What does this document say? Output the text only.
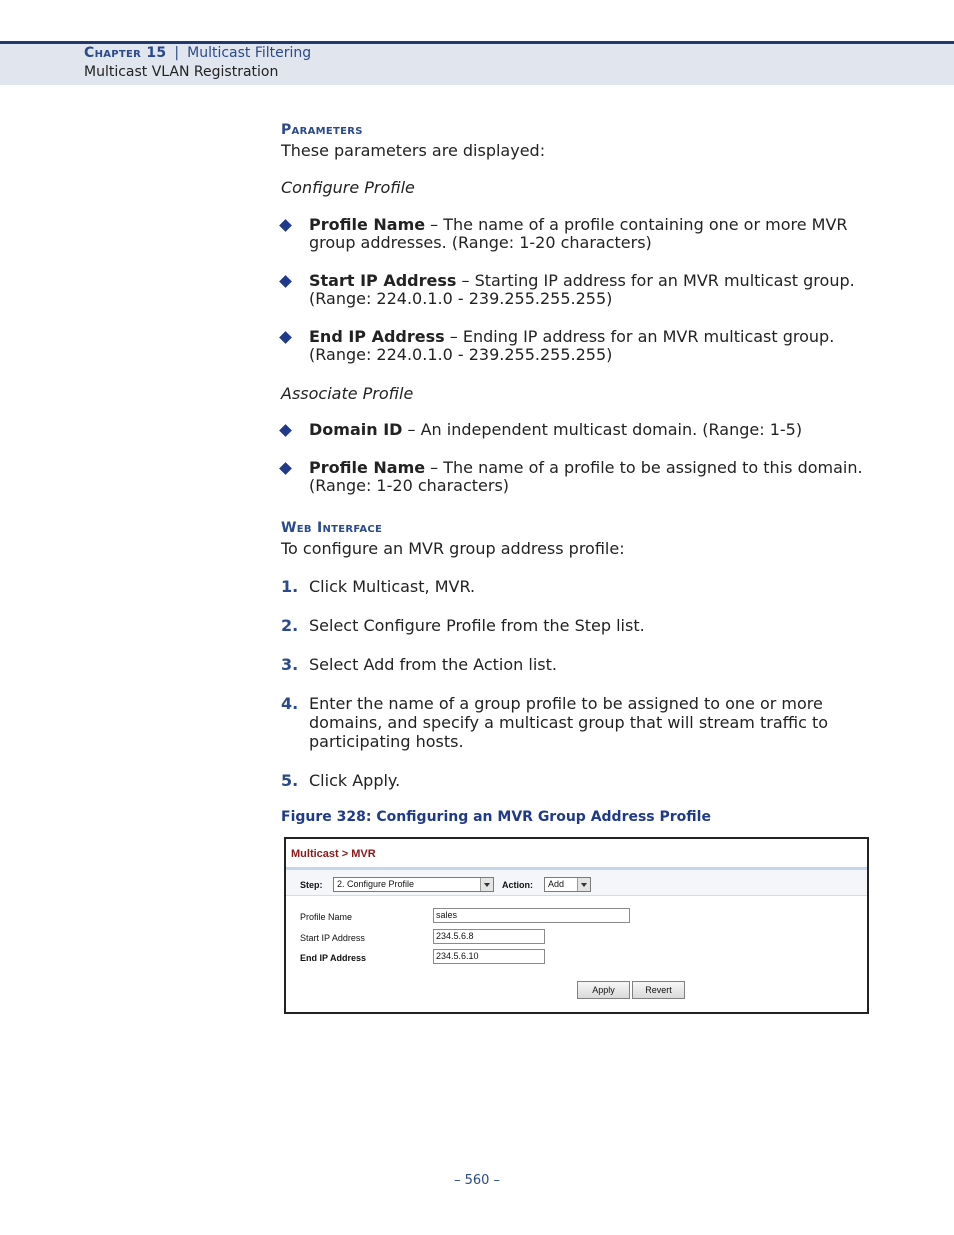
Chapter 15 | Multicast Filtering
Multicast VLAN Registration
Parameters
These parameters are displayed:
Configure Profile
Profile Name – The name of a profile containing one or more MVR group addresses. (Range: 1-20 characters)
Start IP Address – Starting IP address for an MVR multicast group. (Range: 224.0.1.0 - 239.255.255.255)
End IP Address – Ending IP address for an MVR multicast group. (Range: 224.0.1.0 - 239.255.255.255)
Associate Profile
Domain ID – An independent multicast domain. (Range: 1-5)
Profile Name – The name of a profile to be assigned to this domain. (Range: 1-20 characters)
Web Interface
To configure an MVR group address profile:
1. Click Multicast, MVR.
2. Select Configure Profile from the Step list.
3. Select Add from the Action list.
4. Enter the name of a group profile to be assigned to one or more domains, and specify a multicast group that will stream traffic to participating hosts.
5. Click Apply.
Figure 328: Configuring an MVR Group Address Profile
Multicast > MVR
Step:	2. Configure Profile	Action:	Add
Profile Name	sales
Start IP Address	234.5.6.8
End IP Address	234.5.6.10
Apply	Revert
– 560 –
